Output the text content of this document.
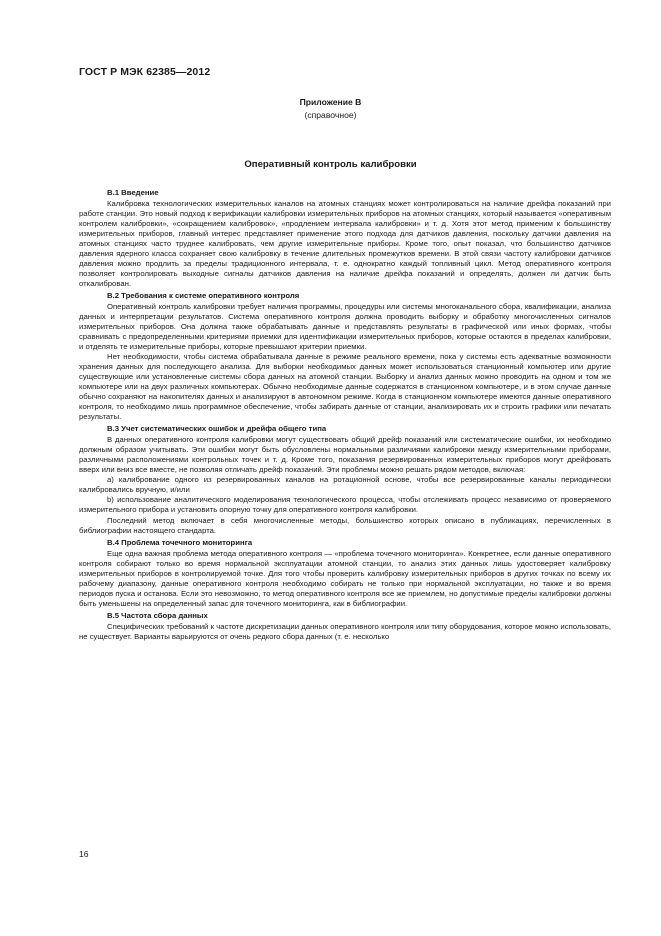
ГОСТ Р МЭК 62385—2012
Приложение В
(справочное)
Оперативный контроль калибровки

В.1 Введение

Калибровка технологических измерительных каналов на атомных станциях может контролироваться на наличие дрейфа показаний при работе станции. Это новый подход к верификации калибровки измерительных приборов на атомных станциях, который называется «оперативным контролем калибровки», «сокращением калибровок», «продлением интервала калибровки» и т. д. Хотя этот метод применим к большинству измерительных приборов, главный интерес представляет применение этого подхода для датчиков давления, поскольку датчики давления на атомных станциях часто труднее калибровать, чем другие измерительные приборы. Кроме того, опыт показал, что большинство датчиков давления ядерного класса сохраняет свою калибровку в течение длительных промежутков времени. В этой связи частоту калибровки датчиков давления можно продлить за пределы традиционного интервала, т. е. однократно каждый топливный цикл. Метод оперативного контроля позволяет контролировать выходные сигналы датчиков давления на наличие дрейфа показаний и определять, должен ли датчик быть откалиброван.

В.2 Требования к системе оперативного контроля

Оперативный контроль калибровки требует наличия программы, процедуры или системы многоканального сбора, квалификации, анализа данных и интерпретации результатов. Система оперативного контроля должна проводить выборку и обработку многочисленных сигналов измерительных приборов. Она должна также обрабатывать данные и представлять результаты в графической или иных формах, чтобы сравнивать с предопределенными критериями приемки для идентификации измерительных приборов, которые остаются в пределах калибровки, и отделять те измерительные приборы, которые превышают критерии приемки.

Нет необходимости, чтобы система обрабатывала данные в режиме реального времени, пока у системы есть адекватные возможности хранения данных для последующего анализа. Для выборки необходимых данных может использоваться станционный компьютер или другие существующие или установленные системы сбора данных на атомной станции. Выборку и анализ данных можно проводить на одном и том же компьютере или на двух различных компьютерах. Обычно необходимые данные содержатся в станционном компьютере, и в этом случае данные обычно сохраняют на накопителях данных и анализируют в автономном режиме. Когда в станционном компьютере имеются данные оперативного контроля, то необходимо лишь программное обеспечение, чтобы забирать данные от станции, анализировать их и строить графики или печатать результаты.

В.3 Учет систематических ошибок и дрейфа общего типа

В данных оперативного контроля калибровки могут существовать общий дрейф показаний или систематические ошибки, их необходимо должным образом учитывать. Эти ошибки могут быть обусловлены нормальными различиями калибровки между измерительными приборами, различными расположениями контрольных точек и т. д. Кроме того, показания резервированных измерительных приборов могут дрейфовать вверх или вниз все вместе, не позволяя отличать дрейф показаний. Эти проблемы можно решать рядом методов, включая:

а) калибрование одного из резервированных каналов на ротационной основе, чтобы все резервированные каналы периодически калибровались вручную, и/или

b) использование аналитического моделирования технологического процесса, чтобы отслеживать процесс независимо от проверяемого измерительного прибора и установить опорную точку для оперативного контроля калибровки.

Последний метод включает в себя многочисленные методы, большинство которых описано в публикациях, перечисленных в библиографии настоящего стандарта.

В.4 Проблема точечного мониторинга

Еще одна важная проблема метода оперативного контроля — «проблема точечного мониторинга». Конкретнее, если данные оперативного контроля собирают только во время нормальной эксплуатации атомной станции, то анализ этих данных лишь удостоверяет калибровку измерительных приборов в контролируемой точке. Для того чтобы проверить калибровку измерительных приборов в других точках по всему их рабочему диапазону, данные оперативного контроля необходимо собирать не только при нормальной эксплуатации, но также и во время периодов пуска и останова. Если это невозможно, то метод оперативного контроля все же приемлем, но допустимые пределы калибровки должны быть уменьшены на определенный запас для точечного мониторинга, как в библиографии.

В.5 Частота сбора данных

Специфических требований к частоте дискретизации данных оперативного контроля или типу оборудования, которое можно использовать, не существует. Варианты варьируются от очень редкого сбора данных (т. е. несколько

16
